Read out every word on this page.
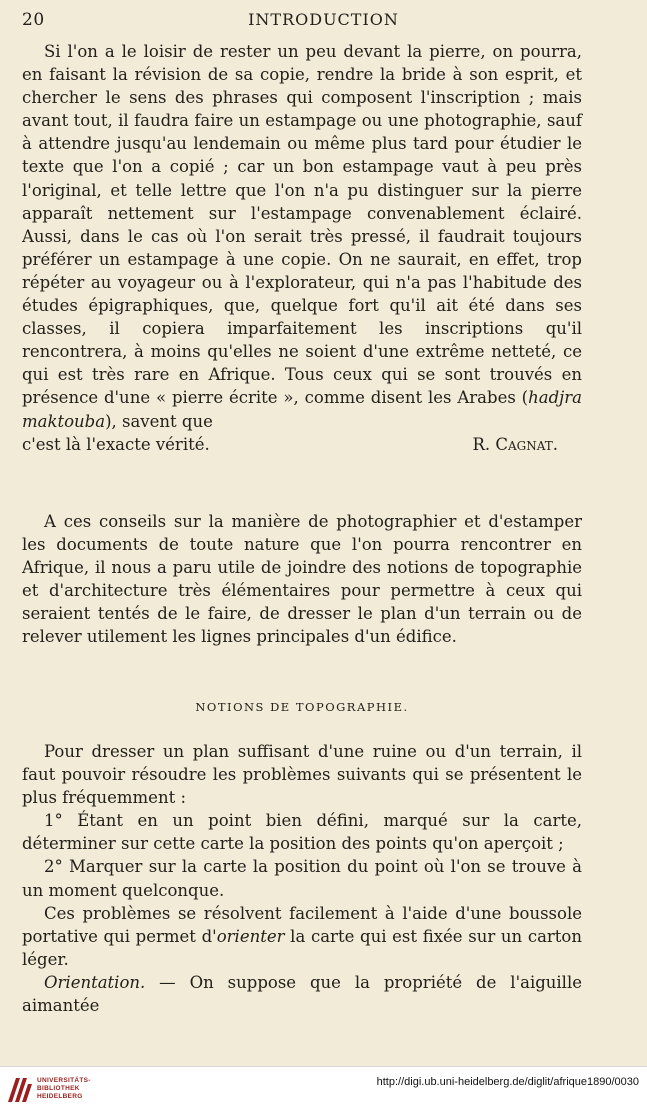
20	INTRODUCTION

Si l'on a le loisir de rester un peu devant la pierre, on pourra, en faisant la révision de sa copie, rendre la bride à son esprit, et chercher le sens des phrases qui composent l'inscription ; mais avant tout, il faudra faire un estampage ou une photographie, sauf à attendre jusqu'au lendemain ou même plus tard pour étudier le texte que l'on a copié ; car un bon estampage vaut à peu près l'original, et telle lettre que l'on n'a pu distinguer sur la pierre apparaît nettement sur l'estampage convenablement éclairé. Aussi, dans le cas où l'on serait très pressé, il faudrait toujours préférer un estampage à une copie. On ne saurait, en effet, trop répéter au voyageur ou à l'explorateur, qui n'a pas l'habitude des études épigraphiques, que, quelque fort qu'il ait été dans ses classes, il copiera imparfaitement les inscriptions qu'il rencontrera, à moins qu'elles ne soient d'une extrême netteté, ce qui est très rare en Afrique. Tous ceux qui se sont trouvés en présence d'une « pierre écrite », comme disent les Arabes (hadjra maktouba), savent que

c'est là l'exacte vérité.	R. Cagnat.

A ces conseils sur la manière de photographier et d'estamper les documents de toute nature que l'on pourra rencontrer en Afrique, il nous a paru utile de joindre des notions de topographie et d'architecture très élémentaires pour permettre à ceux qui seraient tentés de le faire, de dresser le plan d'un terrain ou de relever utilement les lignes principales d'un édifice.

NOTIONS DE TOPOGRAPHIE.

Pour dresser un plan suffisant d'une ruine ou d'un terrain, il faut pouvoir résoudre les problèmes suivants qui se présentent le plus fréquemment :

1° Étant en un point bien défini, marqué sur la carte, déterminer sur cette carte la position des points qu'on aperçoit ;

2° Marquer sur la carte la position du point où l'on se trouve à un moment quelconque.

Ces problèmes se résolvent facilement à l'aide d'une boussole portative qui permet d'orienter la carte qui est fixée sur un carton léger.

Orientation. — On suppose que la propriété de l'aiguille aimantée

UNIVERSITÄTS-
BIBLIOTHEK
HEIDELBERG
http://digi.ub.uni-heidelberg.de/diglit/afrique1890/0030
